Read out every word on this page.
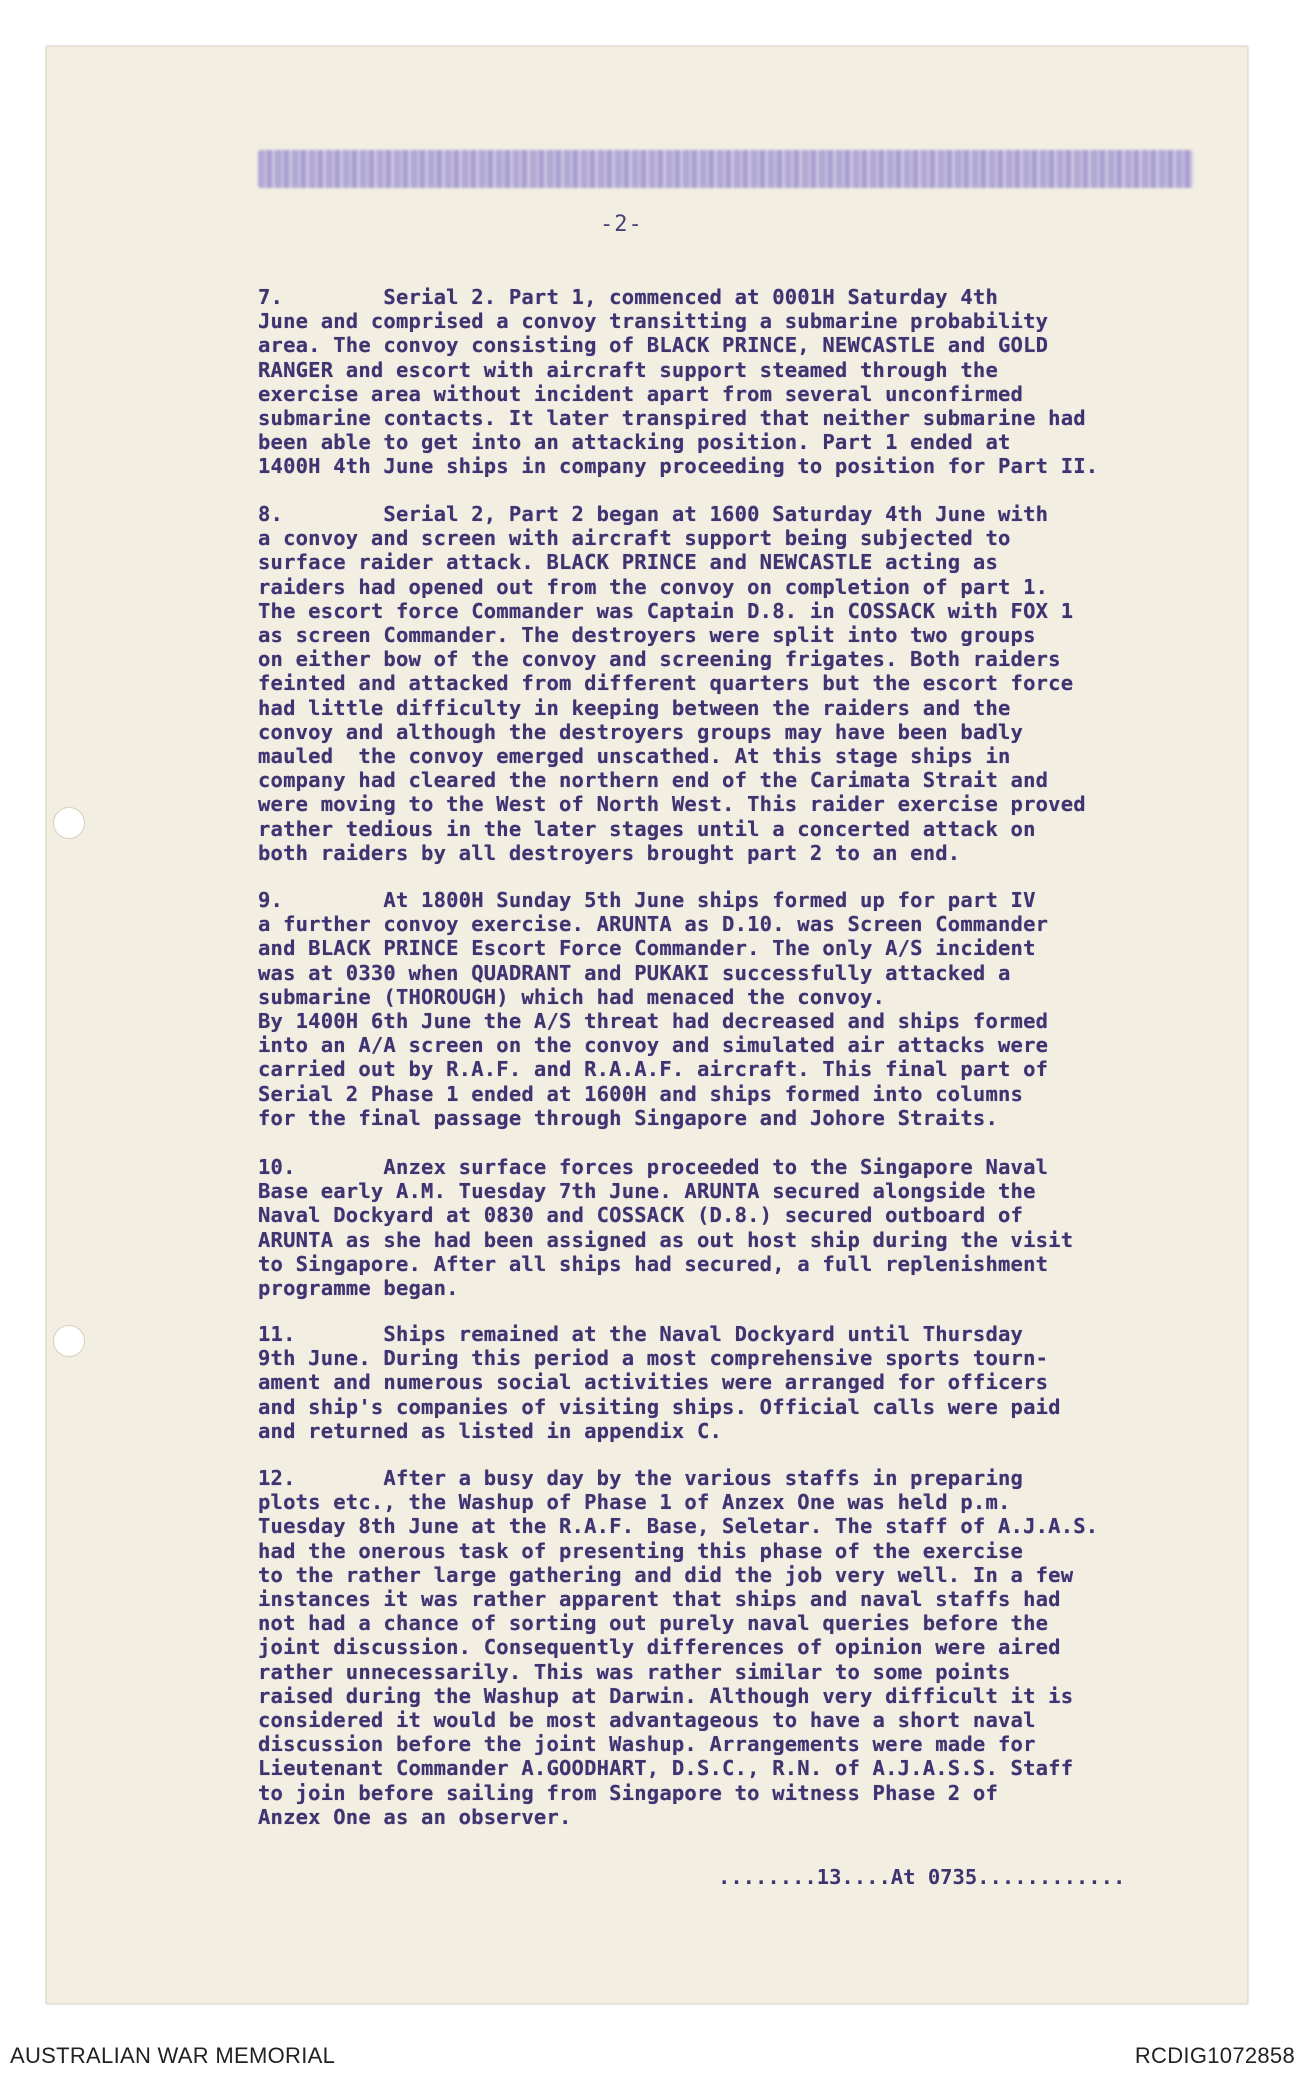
-2-
7.        Serial 2. Part 1, commenced at 0001H Saturday 4th
June and comprised a convoy transitting a submarine probability
area. The convoy consisting of BLACK PRINCE, NEWCASTLE and GOLD
RANGER and escort with aircraft support steamed through the
exercise area without incident apart from several unconfirmed
submarine contacts. It later transpired that neither submarine had
been able to get into an attacking position. Part 1 ended at
1400H 4th June ships in company proceeding to position for Part II.
8.        Serial 2, Part 2 began at 1600 Saturday 4th June with
a convoy and screen with aircraft support being subjected to
surface raider attack. BLACK PRINCE and NEWCASTLE acting as
raiders had opened out from the convoy on completion of part 1.
The escort force Commander was Captain D.8. in COSSACK with FOX 1
as screen Commander. The destroyers were split into two groups
on either bow of the convoy and screening frigates. Both raiders
feinted and attacked from different quarters but the escort force
had little difficulty in keeping between the raiders and the
convoy and although the destroyers groups may have been badly
mauled  the convoy emerged unscathed. At this stage ships in
company had cleared the northern end of the Carimata Strait and
were moving to the West of North West. This raider exercise proved
rather tedious in the later stages until a concerted attack on
both raiders by all destroyers brought part 2 to an end.
9.        At 1800H Sunday 5th June ships formed up for part IV
a further convoy exercise. ARUNTA as D.10. was Screen Commander
and BLACK PRINCE Escort Force Commander. The only A/S incident
was at 0330 when QUADRANT and PUKAKI successfully attacked a
submarine (THOROUGH) which had menaced the convoy.
By 1400H 6th June the A/S threat had decreased and ships formed
into an A/A screen on the convoy and simulated air attacks were
carried out by R.A.F. and R.A.A.F. aircraft. This final part of
Serial 2 Phase 1 ended at 1600H and ships formed into columns
for the final passage through Singapore and Johore Straits.
10.       Anzex surface forces proceeded to the Singapore Naval
Base early A.M. Tuesday 7th June. ARUNTA secured alongside the
Naval Dockyard at 0830 and COSSACK (D.8.) secured outboard of
ARUNTA as she had been assigned as out host ship during the visit
to Singapore. After all ships had secured, a full replenishment
programme began.
11.       Ships remained at the Naval Dockyard until Thursday
9th June. During this period a most comprehensive sports tourn-
ament and numerous social activities were arranged for officers
and ship's companies of visiting ships. Official calls were paid
and returned as listed in appendix C.
12.       After a busy day by the various staffs in preparing
plots etc., the Washup of Phase 1 of Anzex One was held p.m.
Tuesday 8th June at the R.A.F. Base, Seletar. The staff of A.J.A.S.
had the onerous task of presenting this phase of the exercise
to the rather large gathering and did the job very well. In a few
instances it was rather apparent that ships and naval staffs had
not had a chance of sorting out purely naval queries before the
joint discussion. Consequently differences of opinion were aired
rather unnecessarily. This was rather similar to some points
raised during the Washup at Darwin. Although very difficult it is
considered it would be most advantageous to have a short naval
discussion before the joint Washup. Arrangements were made for
Lieutenant Commander A.GOODHART, D.S.C., R.N. of A.J.A.S.S. Staff
to join before sailing from Singapore to witness Phase 2 of
Anzex One as an observer.
........13....At 0735............
AUSTRALIAN WAR MEMORIAL	RCDIG1072858
